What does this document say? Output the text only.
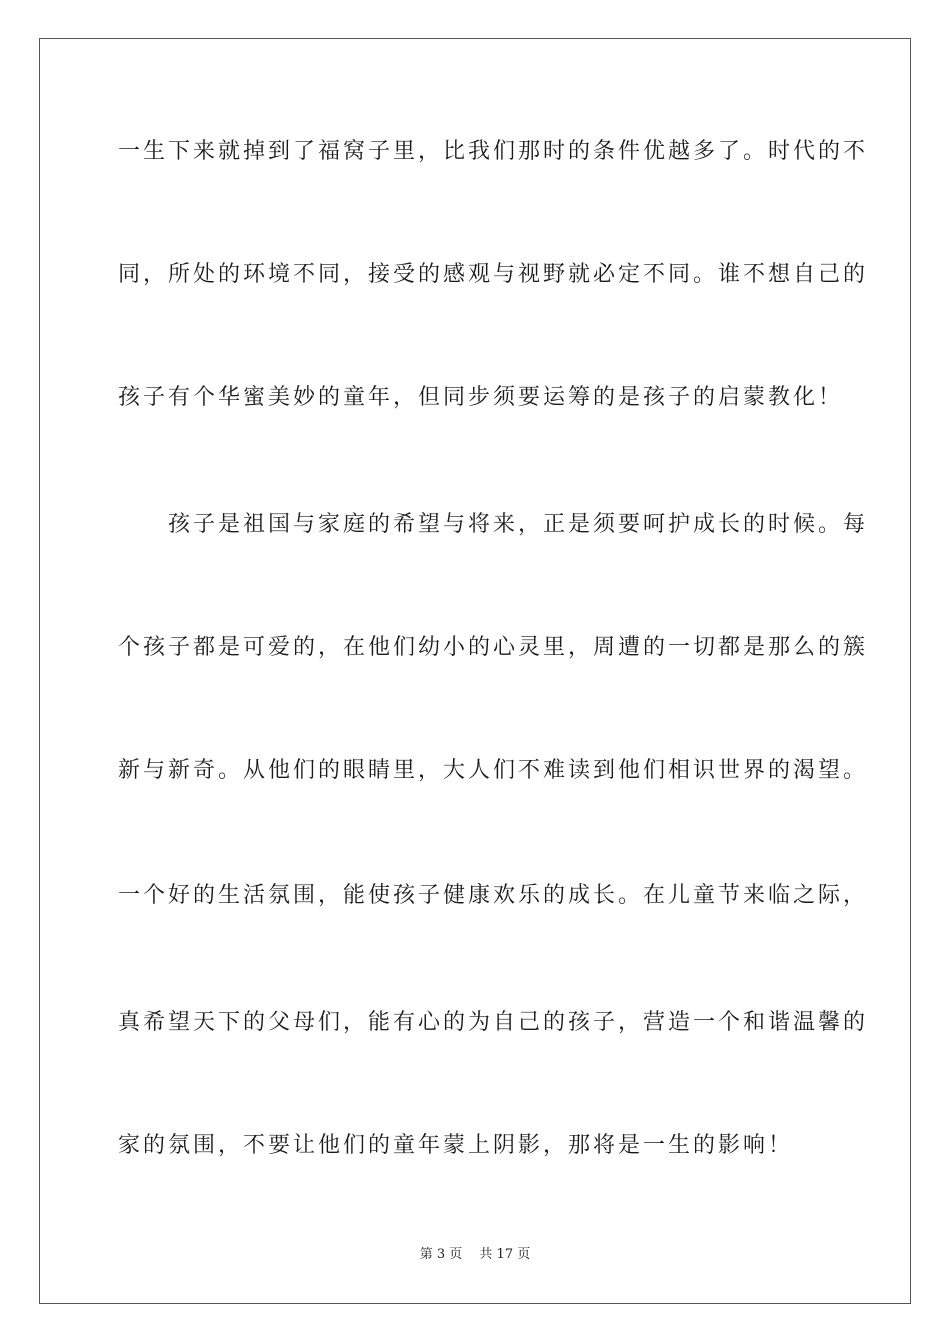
一生下来就掉到了福窝子里，比我们那时的条件优越多了。时代的不
同，所处的环境不同，接受的感观与视野就必定不同。谁不想自己的
孩子有个华蜜美妙的童年，但同步须要运筹的是孩子的启蒙教化！
　　孩子是祖国与家庭的希望与将来，正是须要呵护成长的时候。每
个孩子都是可爱的，在他们幼小的心灵里，周遭的一切都是那么的簇
新与新奇。从他们的眼睛里，大人们不难读到他们相识世界的渴望。
一个好的生活氛围，能使孩子健康欢乐的成长。在儿童节来临之际，
真希望天下的父母们，能有心的为自己的孩子，营造一个和谐温馨的
家的氛围，不要让他们的童年蒙上阴影，那将是一生的影响！
第 3 页　 共 17 页
